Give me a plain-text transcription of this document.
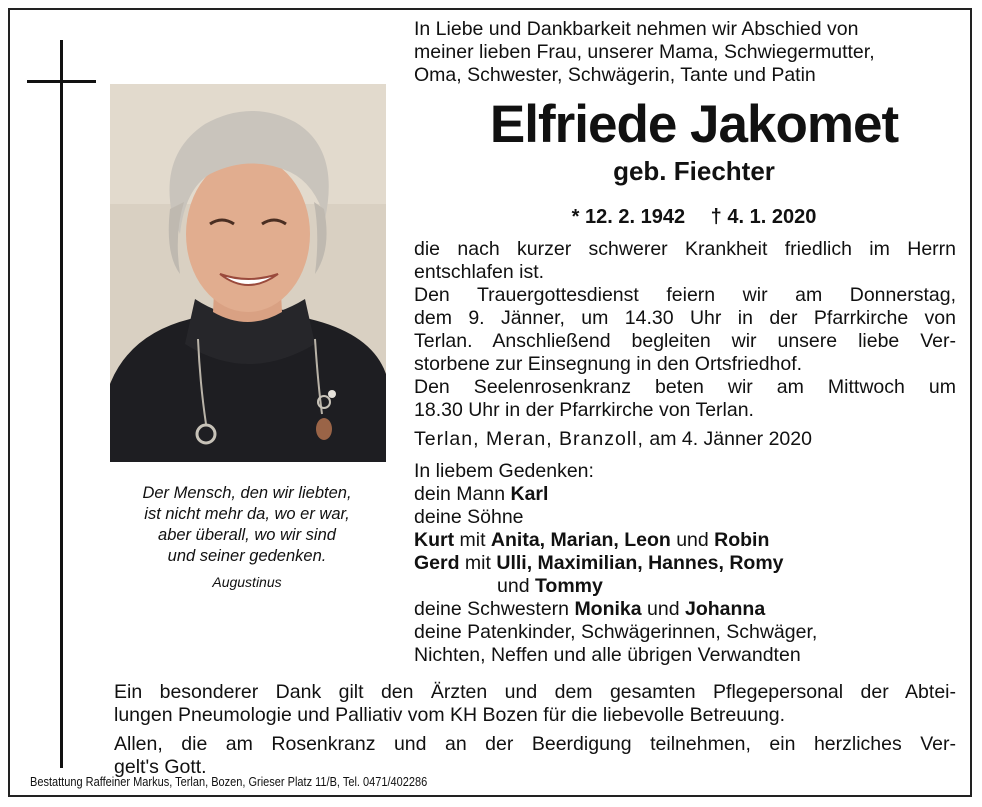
Der Mensch, den wir liebten,
ist nicht mehr da, wo er war,
aber überall, wo wir sind
und seiner gedenken.
Augustinus
In Liebe und Dankbarkeit nehmen wir Abschied von
meiner lieben Frau, unserer Mama, Schwiegermutter,
Oma, Schwester, Schwägerin, Tante und Patin
Elfriede Jakomet
geb. Fiechter
* 12. 2. 1942 † 4. 1. 2020
die nach kurzer schwerer Krankheit friedlich im Herrn
entschlafen ist.
Den Trauergottesdienst feiern wir am Donnerstag,
dem 9. Jänner, um 14.30 Uhr in der Pfarrkirche von
Terlan. Anschließend begleiten wir unsere liebe Ver-
storbene zur Einsegnung in den Ortsfriedhof.
Den Seelenrosenkranz beten wir am Mittwoch um
18.30 Uhr in der Pfarrkirche von Terlan.
Terlan, Meran, Branzoll, am 4. Jänner 2020
In liebem Gedenken:
dein Mann Karl
deine Söhne
Kurt mit Anita, Marian, Leon und Robin
Gerd mit Ulli, Maximilian, Hannes, Romy
und Tommy
deine Schwestern Monika und Johanna
deine Patenkinder, Schwägerinnen, Schwäger,
Nichten, Neffen und alle übrigen Verwandten
Ein besonderer Dank gilt den Ärzten und dem gesamten Pflegepersonal der Abtei-
lungen Pneumologie und Palliativ vom KH Bozen für die liebevolle Betreuung.
Allen, die am Rosenkranz und an der Beerdigung teilnehmen, ein herzliches Ver-
gelt's Gott.
Bestattung Raffeiner Markus, Terlan, Bozen, Grieser Platz 11/B, Tel. 0471/402286
